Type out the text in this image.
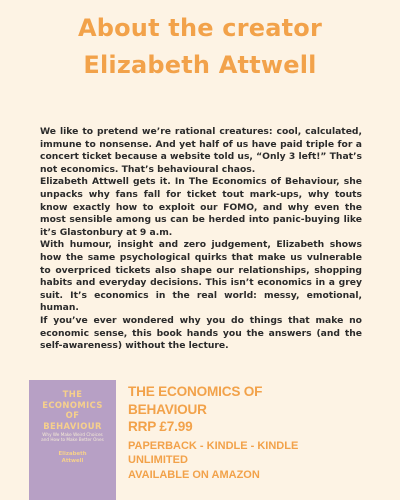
About the creator
Elizabeth Attwell

We like to pretend we’re rational creatures: cool, calculated, immune to nonsense. And yet half of us have paid triple for a concert ticket because a website told us, “Only 3 left!” That’s not economics. That’s behavioural chaos.

Elizabeth Attwell gets it. In The Economics of Behaviour, she unpacks why fans fall for ticket tout mark-ups, why touts know exactly how to exploit our FOMO, and why even the most sensible among us can be herded into panic-buying like it’s Glastonbury at 9 a.m.

With humour, insight and zero judgement, Elizabeth shows how the same psychological quirks that make us vulnerable to overpriced tickets also shape our relationships, shopping habits and everyday decisions. This isn’t economics in a grey suit. It’s economics in the real world: messy, emotional, human.

If you’ve ever wondered why you do things that make no economic sense, this book hands you the answers (and the self-awareness) without the lecture.

THE
ECONOMICS
OF
BEHAVIOUR
Why We Make Weird Choices and How to Make Better Ones
Elizabeth
Attwell
THE ECONOMICS OF
BEHAVIOUR
RRP £7.99
PAPERBACK - KINDLE - KINDLE
UNLIMITED
AVAILABLE ON AMAZON
